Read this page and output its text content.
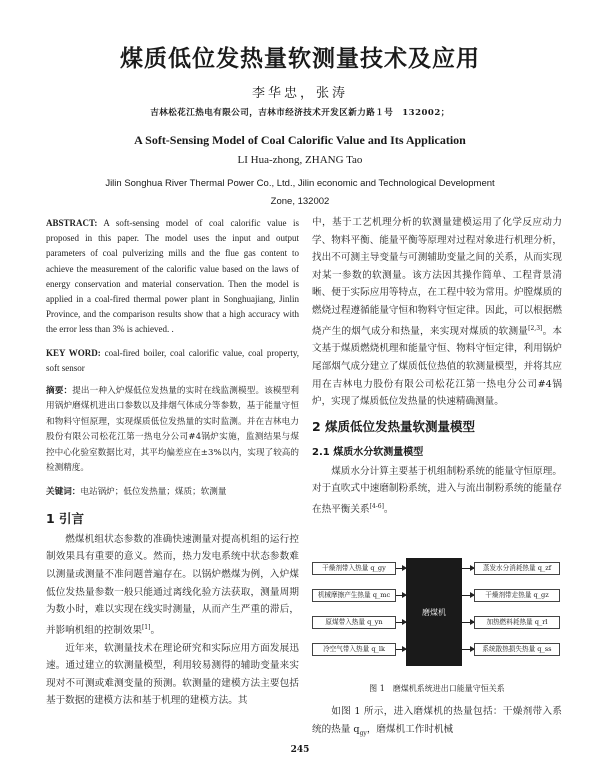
煤质低位发热量软测量技术及应用
李华忠，张涛
吉林松花江热电有限公司，吉林市经济技术开发区新力路１号　132002；
A Soft-Sensing Model of Coal Calorific Value and Its Application
LI Hua-zhong, ZHANG Tao
Jilin Songhua River Thermal Power Co., Ltd., Jilin economic and Technological Development
Zone, 132002

ABSTRACT: A soft-sensing model of coal calorific value is proposed in this paper. The model uses the input and output parameters of coal pulverizing mills and the flue gas content to achieve the measurement of the calorific value based on the laws of energy conservation and material conservation. Then the model is applied in a coal-fired thermal power plant in Songhuajiang, Jinlin Province, and the comparison results show that a high accuracy with the error less than 3% is achieved. .

KEY WORD: coal-fired boiler, coal calorific value, coal property, soft sensor

摘要：提出一种入炉煤低位发热量的实时在线监测模型。该模型利用锅炉磨煤机进出口参数以及排烟气体成分等参数，基于能量守恒和物料守恒原理，实现煤质低位发热量的实时监测。并在吉林电力股份有限公司松花江第一热电分公司#4锅炉实施，监测结果与煤控中心化验室数据比对，其平均偏差应在±3%以内，实现了较高的检测精度。

关键词：电站锅炉；低位发热量；煤质；软测量

1 引言

燃煤机组状态参数的准确快速测量对提高机组的运行控制效果具有重要的意义。然而，热力发电系统中状态参数难以测量或测量不准问题普遍存在。以锅炉燃煤为例，入炉煤低位发热量参数一般只能通过离线化验方法获取，测量周期为数小时，难以实现在线实时测量，从而产生严重的滞后，并影响机组的控制效果[1]。

近年来，软测量技术在理论研究和实际应用方面发展迅速。通过建立的软测量模型，利用较易测得的辅助变量来实现对不可测或难测变量的预测。软测量的建模方法主要包括基于数据的建模方法和基于机理的建模方法。其

中，基于工艺机理分析的软测量建模运用了化学反应动力学、物料平衡、能量平衡等原理对过程对象进行机理分析，找出不可测主导变量与可测辅助变量之间的关系，从而实现对某一参数的软测量。该方法因其操作简单、工程背景清晰、便于实际应用等特点，在工程中较为常用。炉膛煤质的燃烧过程遵循能量守恒和物料守恒定律。因此，可以根据燃烧产生的烟气成分和热量，来实现对煤质的软测量[2,3]。本文基于煤质燃烧机理和能量守恒、物料守恒定律，利用锅炉尾部烟气成分建立了煤质低位热值的软测量模型，并将其应用在吉林电力股份有限公司松花江第一热电分公司#4锅炉，实现了煤质低位发热量的快速精确测量。

2 煤质低位发热量软测量模型
2.1 煤质水分软测量模型

煤质水分计算主要基于机组制粉系统的能量守恒原理。对于直吹式中速磨制粉系统，进入与流出制粉系统的能量存在热平衡关系[4-6]。

干燥剂带入热量 q_gy
机械摩擦产生热量 q_mc
原煤带入热量 q_yn
冷空气带入热量 q_lk
磨煤机
蒸发水分消耗热量 q_zf
干燥剂带走热量 q_gz
加热燃料耗热量 q_rl
系统散热损失热量 q_ss
图 1　磨煤机系统进出口能量守恒关系

如图 1 所示，进入磨煤机的热量包括：干燥剂带入系统的热量 $q_{gy}$，磨煤机工作时机械

245
